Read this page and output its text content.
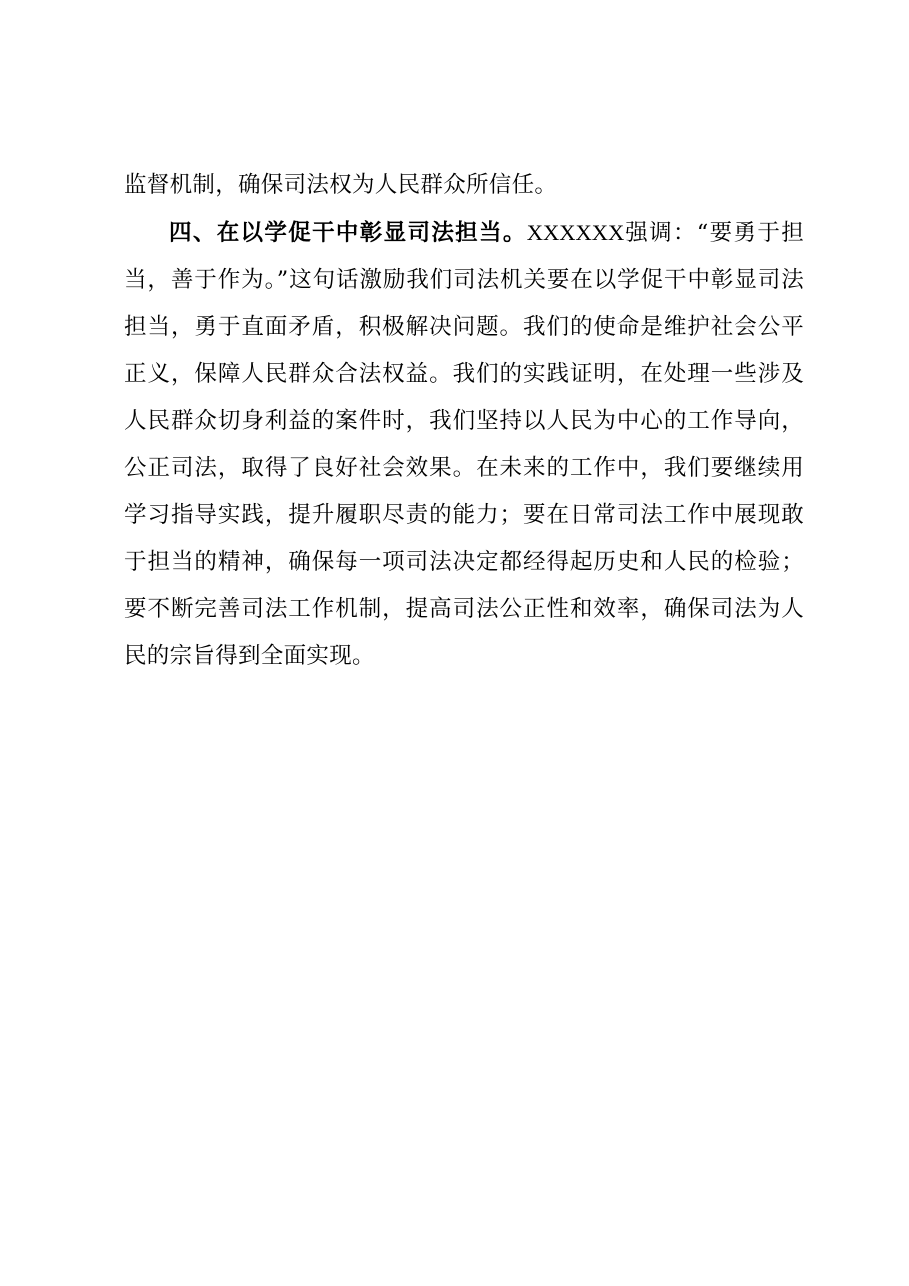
监督机制，确保司法权为人民群众所信任。

四、在以学促干中彰显司法担当。XXXXXX强调：“要勇于担当，善于作为。”这句话激励我们司法机关要在以学促干中彰显司法担当，勇于直面矛盾，积极解决问题。我们的使命是维护社会公平正义，保障人民群众合法权益。我们的实践证明，在处理一些涉及人民群众切身利益的案件时，我们坚持以人民为中心的工作导向，公正司法，取得了良好社会效果。在未来的工作中，我们要继续用学习指导实践，提升履职尽责的能力；要在日常司法工作中展现敢于担当的精神，确保每一项司法决定都经得起历史和人民的检验；要不断完善司法工作机制，提高司法公正性和效率，确保司法为人民的宗旨得到全面实现。
